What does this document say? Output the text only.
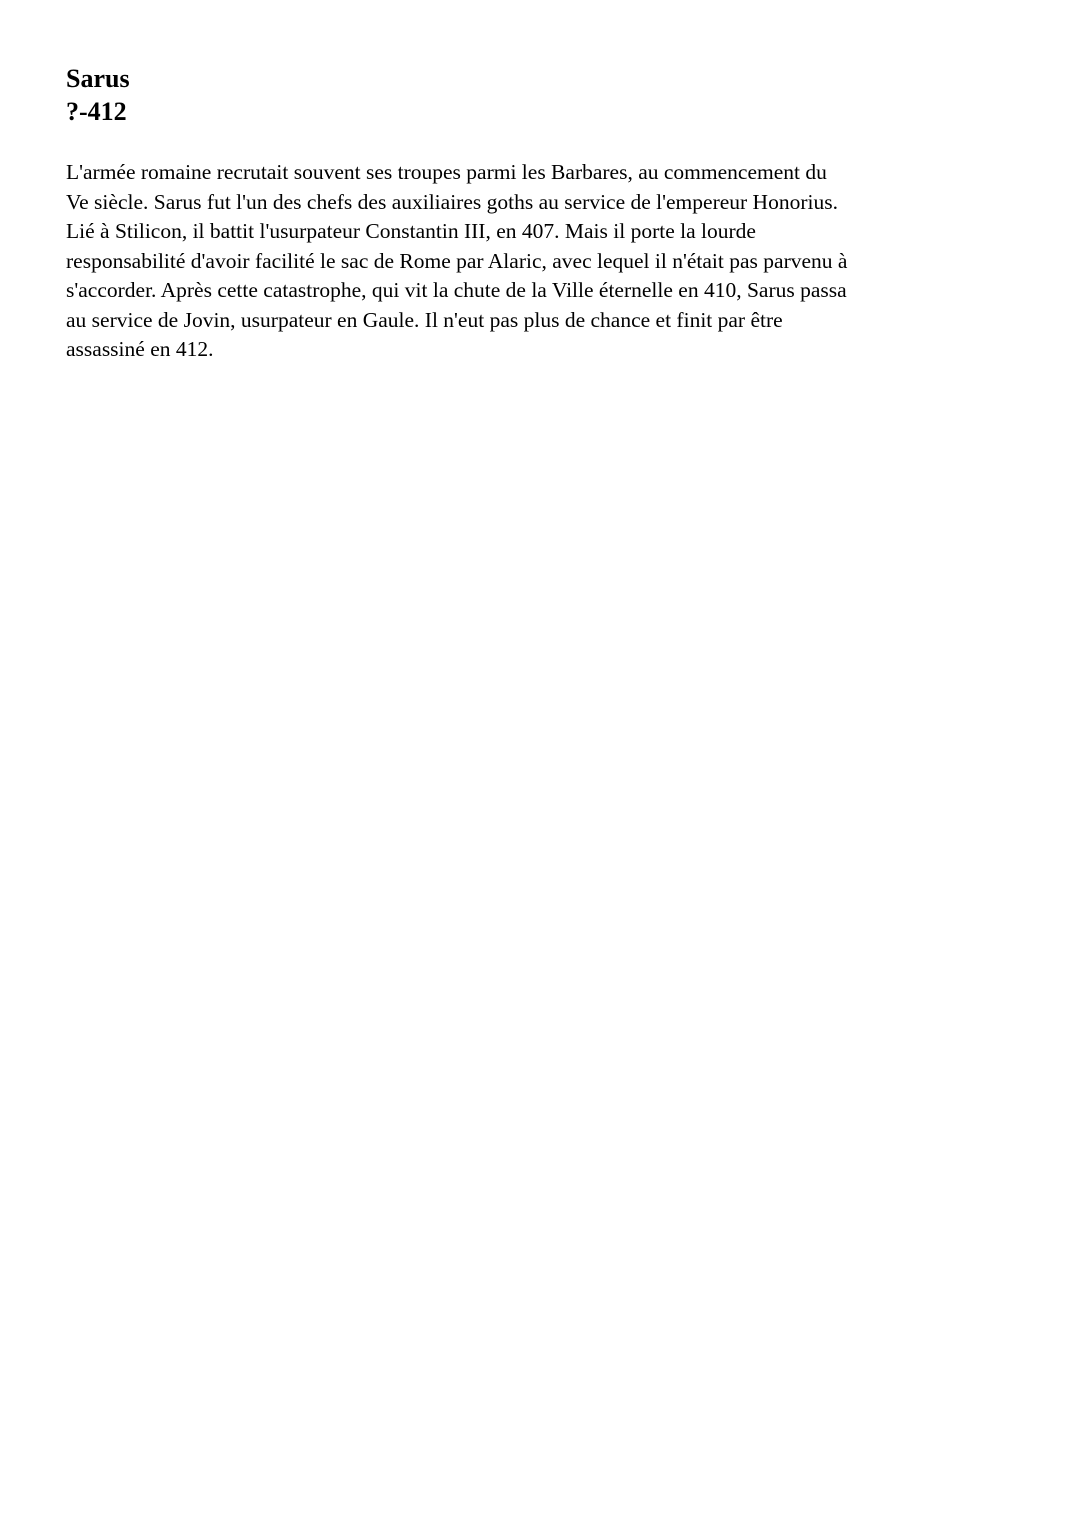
Sarus
?-412
L'armée romaine recrutait souvent ses troupes parmi les Barbares, au commencement du
Ve siècle. Sarus fut l'un des chefs des auxiliaires goths au service de l'empereur Honorius.
Lié à Stilicon, il battit l'usurpateur Constantin III, en 407. Mais il porte la lourde
responsabilité d'avoir facilité le sac de Rome par Alaric, avec lequel il n'était pas parvenu à
s'accorder. Après cette catastrophe, qui vit la chute de la Ville éternelle en 410, Sarus passa
au service de Jovin, usurpateur en Gaule. Il n'eut pas plus de chance et finit par être
assassiné en 412.
